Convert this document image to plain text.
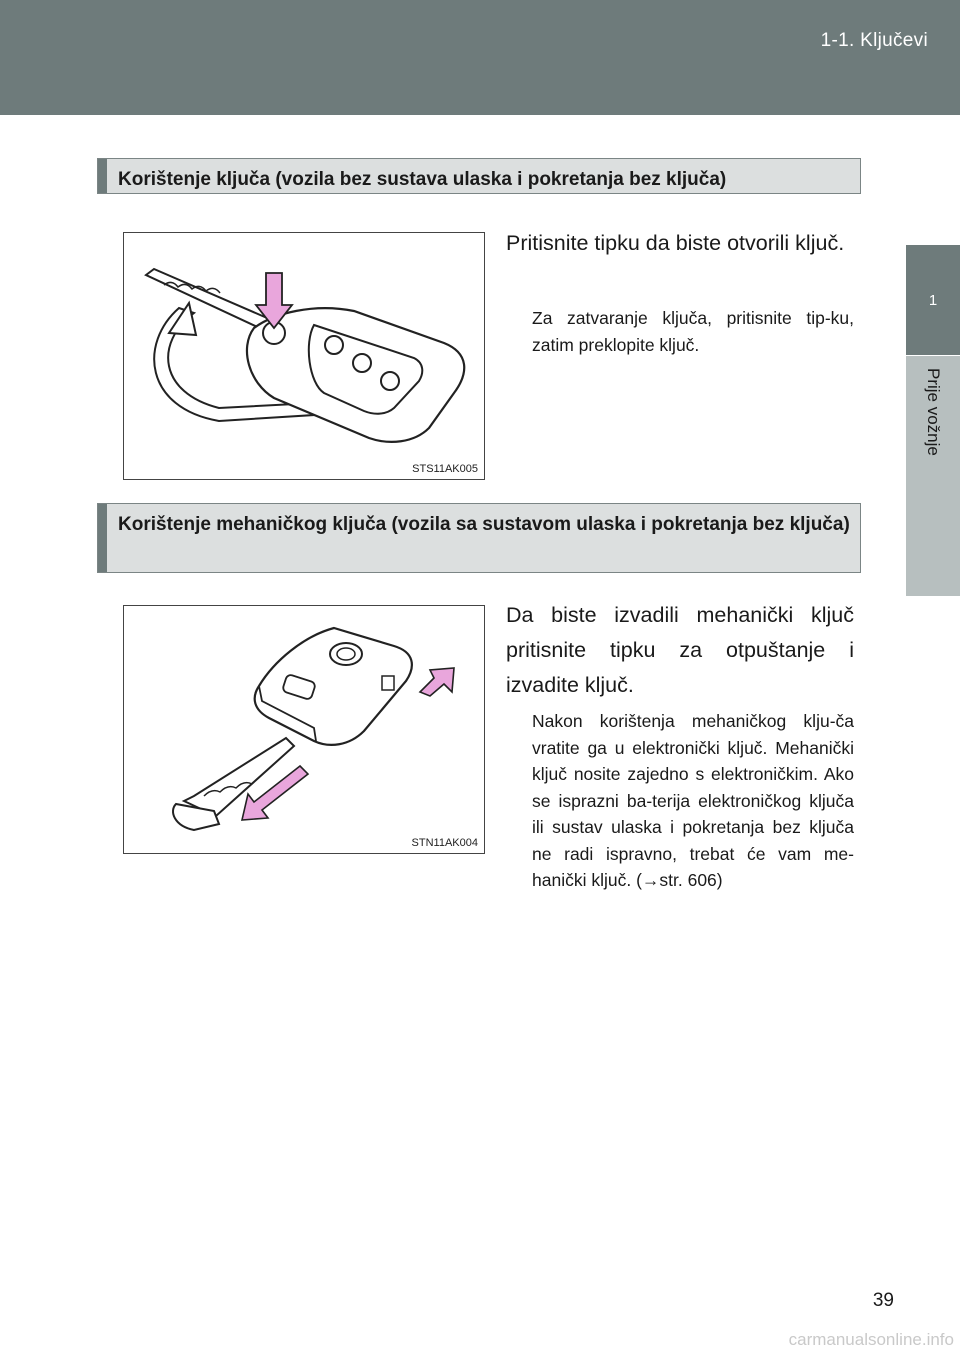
1-1. Ključevi
1
Prije vožnje
Korištenje ključa (vozila bez sustava ulaska i pokretanja bez ključa)
STS11AK005
Pritisnite tipku da biste otvorili ključ.
Za zatvaranje ključa, pritisnite tip-ku, zatim preklopite ključ.
Korištenje mehaničkog ključa (vozila sa sustavom ulaska i pokretanja bez ključa)
STN11AK004
Da biste izvadili mehanički ključ pritisnite tipku za otpuštanje i izvadite ključ.
Nakon korištenja mehaničkog klju-ča vratite ga u elektronički ključ. Mehanički ključ nosite zajedno s elektroničkim. Ako se isprazni ba-terija elektroničkog ključa ili sustav ulaska i pokretanja bez ključa ne radi ispravno, trebat će vam me-hanički ključ. (→str. 606)
39
carmanualsonline.info
